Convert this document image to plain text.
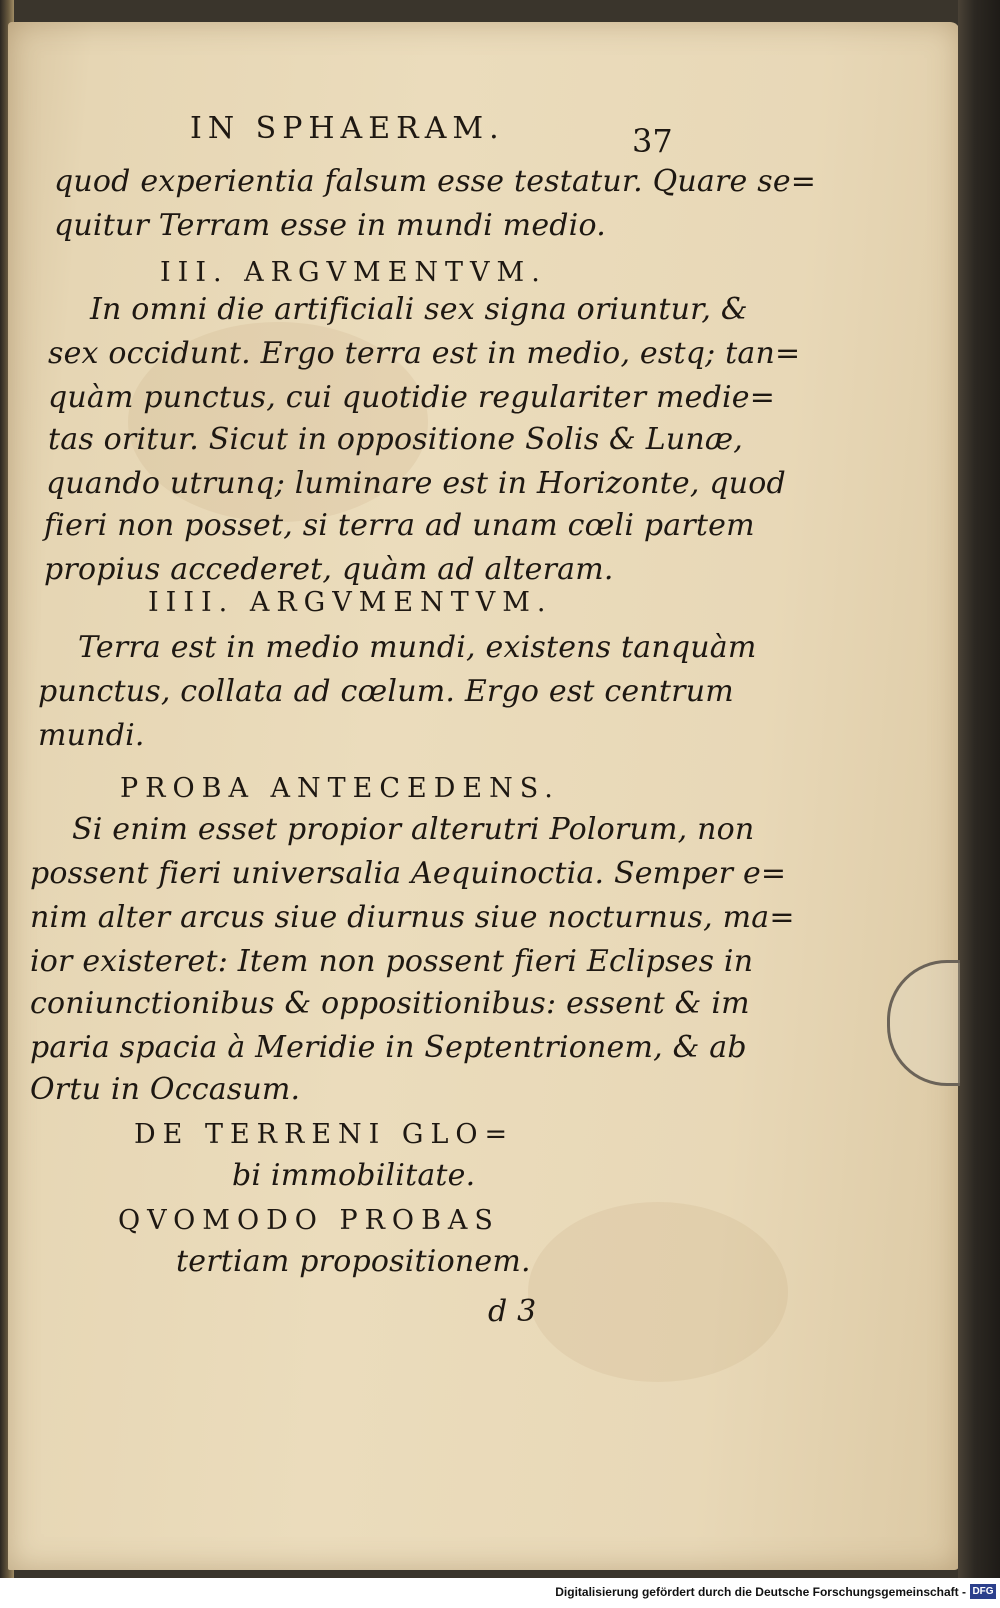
IN SPHAERAM.	37
quod experientia falsum esse testatur. Quare se=
quitur Terram esse in mundi medio.
III. ARGVMENTVM.
In omni die artificiali sex signa oriuntur, &
sex occidunt. Ergo terra est in medio, estq; tan=
quàm punctus, cui quotidie regulariter medie=
tas oritur. Sicut in oppositione Solis & Lunæ,
quando utrunq; luminare est in Horizonte, quod
fieri non posset, si terra ad unam cœli partem
propius accederet, quàm ad alteram.
IIII. ARGVMENTVM.
Terra est in medio mundi, existens tanquàm
punctus, collata ad cœlum. Ergo est centrum
mundi.
PROBA ANTECEDENS.
Si enim esset propior alterutri Polorum, non
possent fieri universalia Aequinoctia. Semper e=
nim alter arcus siue diurnus siue nocturnus, ma=
ior existeret: Item non possent fieri Eclipses in
coniunctionibus & oppositionibus: essent & im
paria spacia à Meridie in Septentrionem, & ab
Ortu in Occasum.
DE TERRENI GLO=
bi immobilitate.
QVOMODO PROBAS
tertiam propositionem.
d 3
Digitalisierung gefördert durch die Deutsche Forschungsgemeinschaft - DFG
